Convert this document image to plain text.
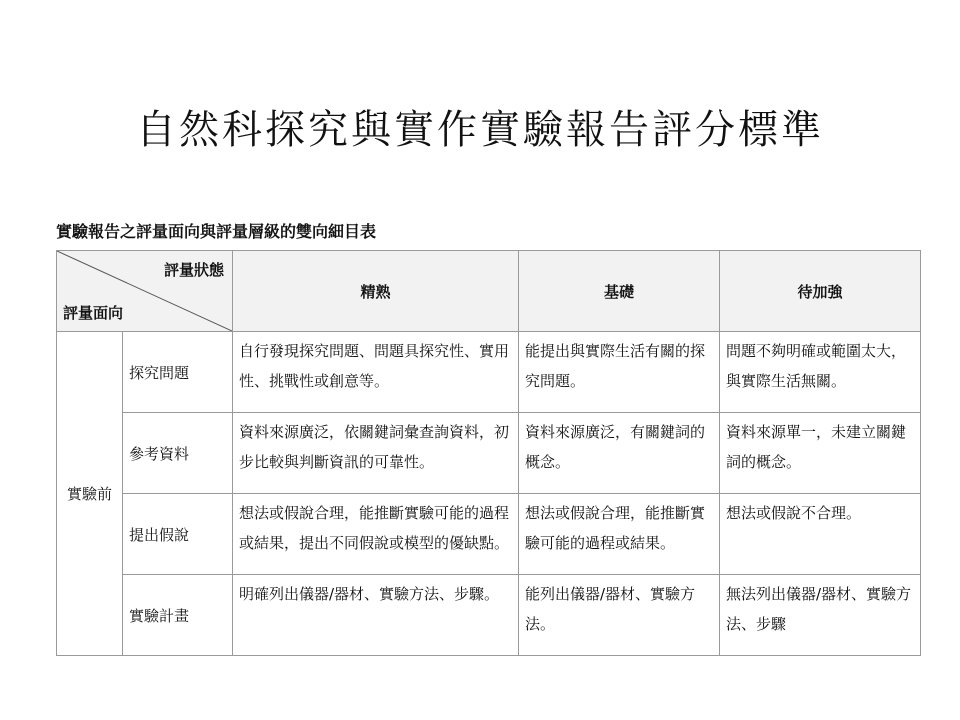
自然科探究與實作實驗報告評分標準
實驗報告之評量面向與評量層級的雙向細目表
評量狀態
評量面向		精熟	基礎	待加強
實驗前	探究問題	自行發現探究問題、問題具探究性、實用性、挑戰性或創意等。	能提出與實際生活有關的探究問題。	問題不夠明確或範圍太大，與實際生活無關。
	參考資料	資料來源廣泛，依關鍵詞彙查詢資料，初步比較與判斷資訊的可靠性。	資料來源廣泛，有關鍵詞的概念。	資料來源單一，未建立關鍵詞的概念。
	提出假說	想法或假說合理，能推斷實驗可能的過程或結果，提出不同假說或模型的優缺點。	想法或假說合理，能推斷實驗可能的過程或結果。	想法或假說不合理。
	實驗計畫	明確列出儀器/器材、實驗方法、步驟。	能列出儀器/器材、實驗方法。	無法列出儀器/器材、實驗方法、步驟
